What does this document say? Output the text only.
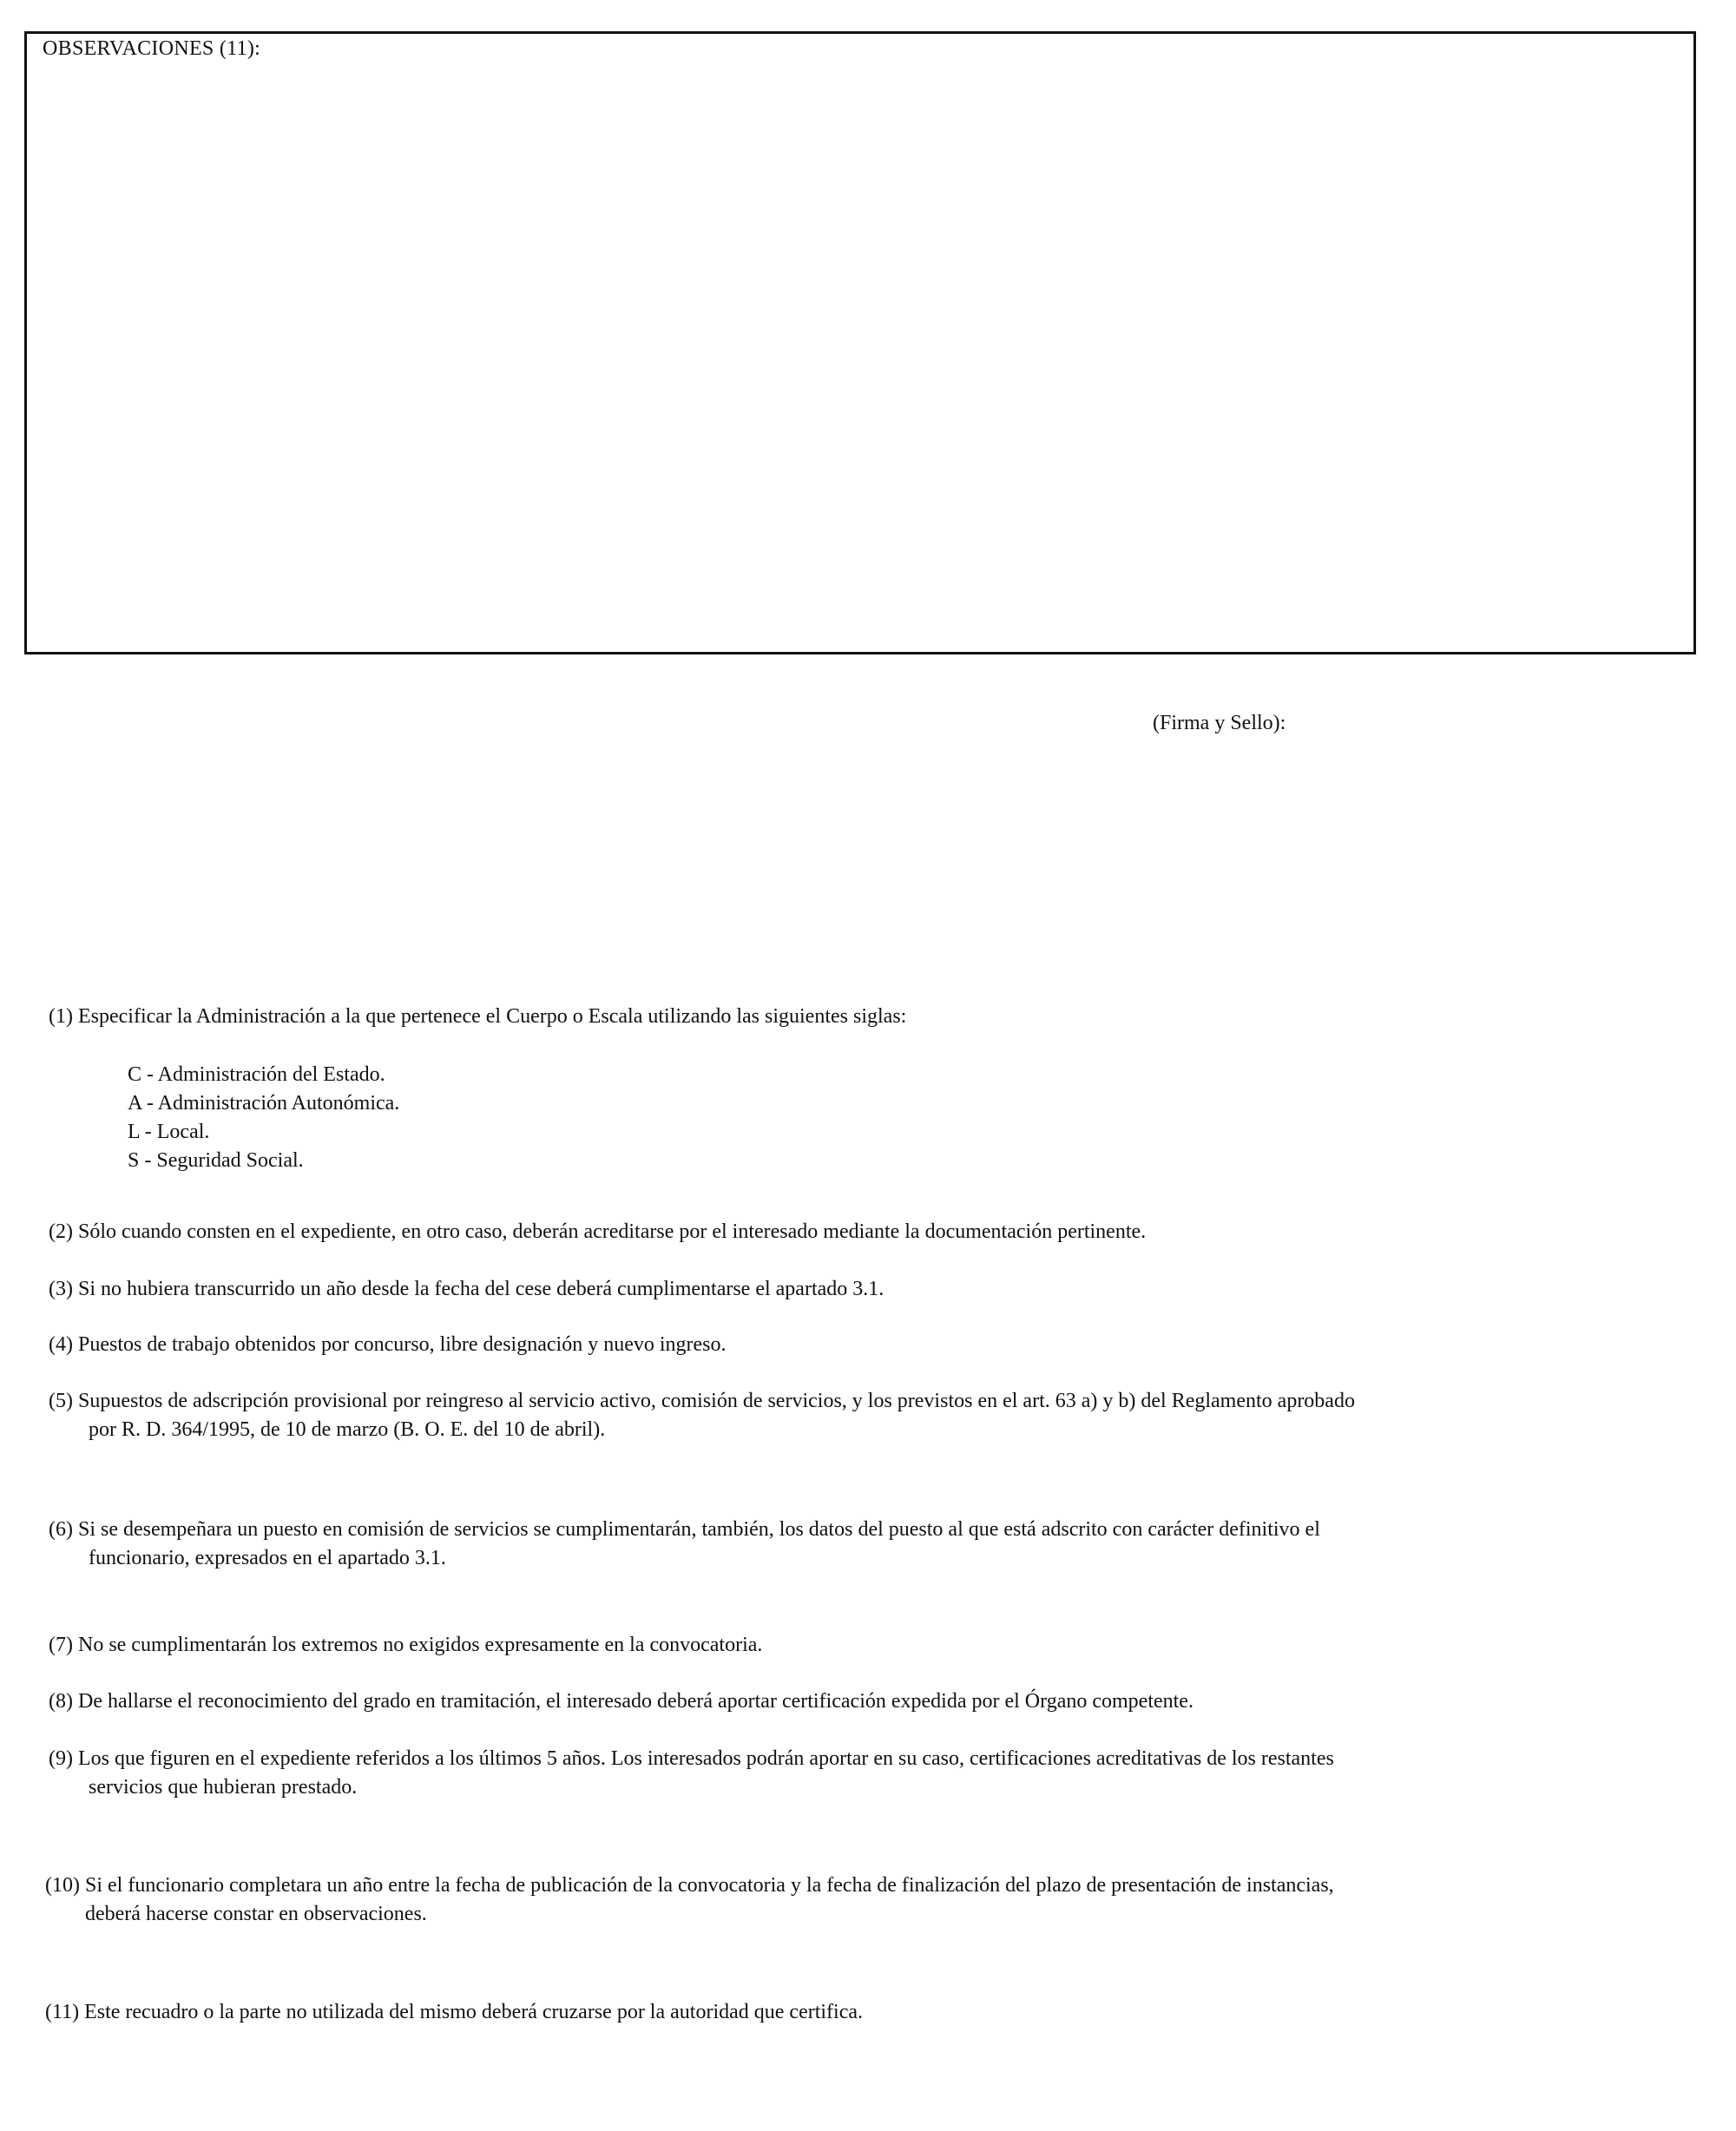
OBSERVACIONES (11):
(Firma y Sello):
(1) Especificar la Administración a la que pertenece el Cuerpo o Escala utilizando las siguientes siglas:
C - Administración del Estado.
A - Administración Autonómica.
L - Local.
S - Seguridad Social.
(2) Sólo cuando consten en el expediente, en otro caso, deberán acreditarse por el interesado mediante la documentación pertinente.
(3) Si no hubiera transcurrido un año desde la fecha del cese deberá cumplimentarse el apartado 3.1.
(4) Puestos de trabajo obtenidos por concurso, libre designación y nuevo ingreso.
(5) Supuestos de adscripción provisional por reingreso al servicio activo, comisión de servicios, y los previstos en el art. 63 a) y b) del Reglamento aprobado
por R. D. 364/1995, de 10 de marzo (B. O. E. del 10 de abril).
(6) Si se desempeñara un puesto en comisión de servicios se cumplimentarán, también, los datos del puesto al que está adscrito con carácter definitivo el
funcionario, expresados en el apartado 3.1.
(7) No se cumplimentarán los extremos no exigidos expresamente en la convocatoria.
(8) De hallarse el reconocimiento del grado en tramitación, el interesado deberá aportar certificación expedida por el Órgano competente.
(9) Los que figuren en el expediente referidos a los últimos 5 años. Los interesados podrán aportar en su caso, certificaciones acreditativas de los restantes
servicios que hubieran prestado.
(10) Si el funcionario completara un año entre la fecha de publicación de la convocatoria y la fecha de finalización del plazo de presentación de instancias,
deberá hacerse constar en observaciones.
(11) Este recuadro o la parte no utilizada del mismo deberá cruzarse por la autoridad que certifica.
